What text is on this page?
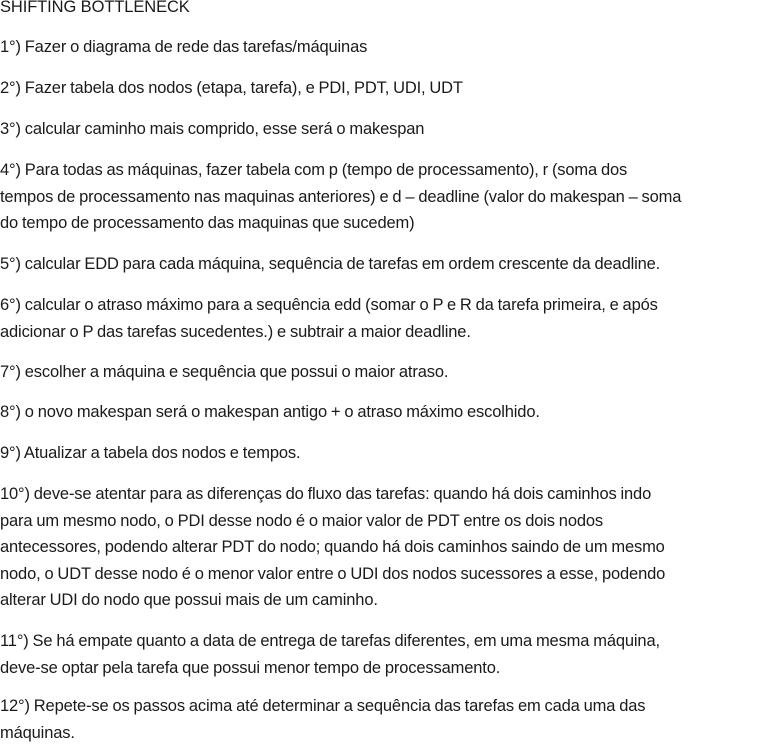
SHIFTING BOTTLENECK
1°) Fazer o diagrama de rede das tarefas/máquinas
2°) Fazer tabela dos nodos (etapa, tarefa), e PDI, PDT, UDI, UDT
3°) calcular caminho mais comprido, esse será o makespan
4°) Para todas as máquinas, fazer tabela com p (tempo de processamento), r (soma dos
tempos de processamento nas maquinas anteriores) e d – deadline (valor do makespan – soma
do tempo de processamento das maquinas que sucedem)
5°) calcular EDD para cada máquina, sequência de tarefas em ordem crescente da deadline.
6°) calcular o atraso máximo para a sequência edd (somar o P e R da tarefa primeira, e após
adicionar o P das tarefas sucedentes.) e subtrair a maior deadline.
7°) escolher a máquina e sequência que possui o maior atraso.
8°) o novo makespan será o makespan antigo + o atraso máximo escolhido.
9°) Atualizar a tabela dos nodos e tempos.
10°) deve-se atentar para as diferenças do fluxo das tarefas: quando há dois caminhos indo
para um mesmo nodo, o PDI desse nodo é o maior valor de PDT entre os dois nodos
antecessores, podendo alterar PDT do nodo; quando há dois caminhos saindo de um mesmo
nodo, o UDT desse nodo é o menor valor entre o UDI dos nodos sucessores a esse, podendo
alterar UDI do nodo que possui mais de um caminho.
11°) Se há empate quanto a data de entrega de tarefas diferentes, em uma mesma máquina,
deve-se optar pela tarefa que possui menor tempo de processamento.
12°) Repete-se os passos acima até determinar a sequência das tarefas em cada uma das
máquinas.
